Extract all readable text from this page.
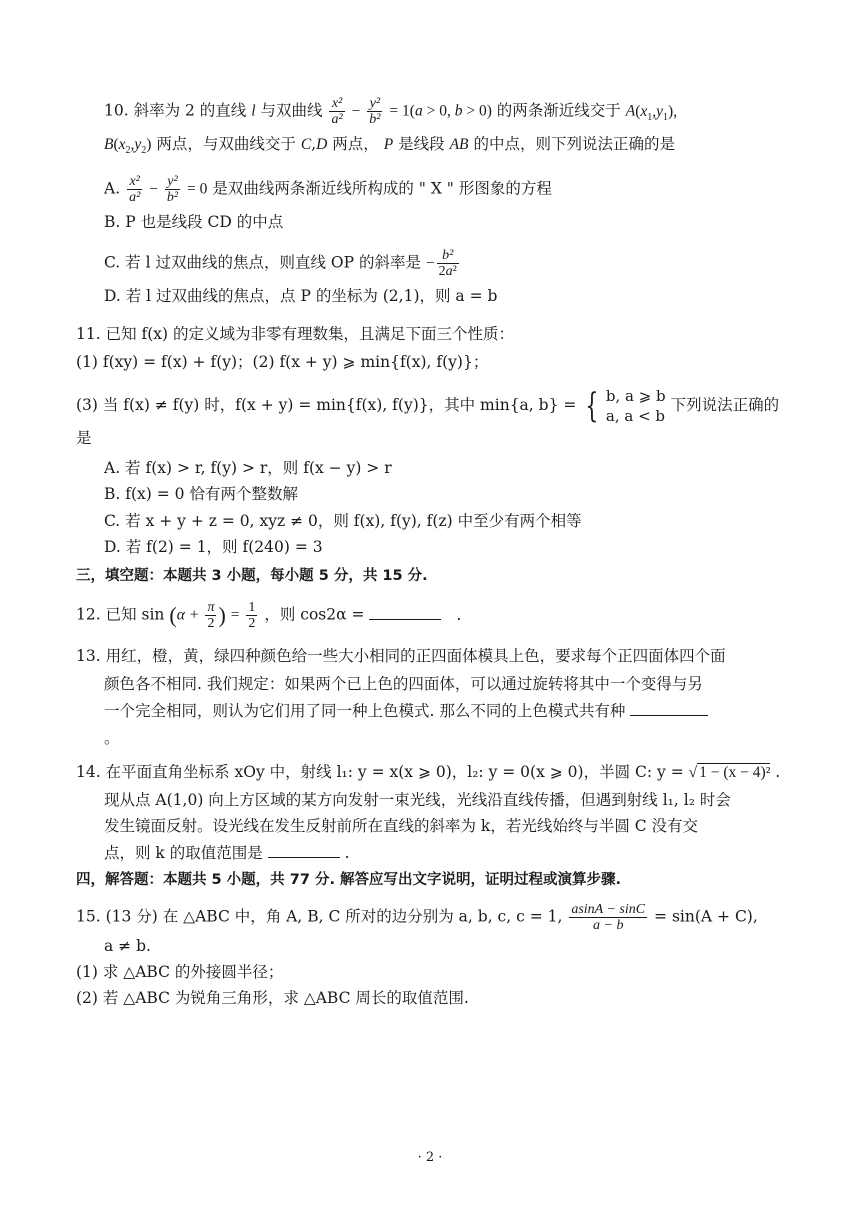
10. 斜率为 2 的直线 l 与双曲线 $\frac{\text{x²}}{\text{a²}} - \frac{\text{y²}}{\text{b²}} = 1(a > 0$, b > 0) 的两条渐近线交于 $A(x_1,y_1)$,
$B(x_2,y_2)$ 两点，与双曲线交于 C,D 两点， P 是线段 AB 的中点，则下列说法正确的是
A. $\frac{\text{x²}}{\text{a²}} - \frac{\text{y²}}{\text{b²}} = 0$ 是双曲线两条渐近线所构成的 " X " 形图象的方程
B. P 也是线段 CD 的中点
C. 若 l 过双曲线的焦点，则直线 OP 的斜率是 − $\frac{\text{b²}}{\text{2a²}}$
D. 若 l 过双曲线的焦点，点 P 的坐标为 (2,1)，则 a = b
11. 已知 f(x) 的定义域为非零有理数集，且满足下面三个性质：
(1) f(xy) = f(x) + f(y)；(2) f(x + y) ⩾ min{f(x), f(y)}；
(3) 当 f(x) ≠ f(y) 时，f(x + y) = min{f(x), f(y)}，其中 min{a, b} = { b, a ⩾ b
a, a < b
下列说法正确的
是
A. 若 f(x) > r, f(y) > r，则 f(x − y) > r
B. f(x) = 0 恰有两个整数解
C. 若 x + y + z = 0, xyz ≠ 0，则 f(x), f(y), f(z) 中至少有两个相等
D. 若 f(2) = 1，则 f(240) = 3
三，填空题：本题共 3 小题，每小题 5 分，共 15 分.
12. 已知 $\sin (\alpha + \frac{\pi}{2}$ ) = $\frac{1}{2}$ ，则 cos2α =	.
13. 用红，橙，黄，绿四种颜色给一些大小相同的正四面体模具上色，要求每个正四面体四个面
颜色各不相同. 我们规定：如果两个已上色的四面体，可以通过旋转将其中一个变得与另
一个完全相同，则认为它们用了同一种上色模式. 那么不同的上色模式共有种
。
14. 在平面直角坐标系 xOy 中，射线 l₁: y = x(x ⩾ 0)，l₂: y = 0(x ⩾ 0)，半圆 C: y = √ 1 − (x − 4)² .
现从点 A(1,0) 向上方区域的某方向发射一束光线，光线沿直线传播，但遇到射线 l₁, l₂ 时会
发生镜面反射。设光线在发生反射前所在直线的斜率为 k，若光线始终与半圆 C 没有交
点，则 k 的取值范围是	.
四，解答题：本题共 5 小题，共 77 分. 解答应写出文字说明，证明过程或演算步骤.
15. (13 分) 在 △ABC 中，角 A, B, C 所对的边分别为 a, b, c, c = 1, $\frac{asinA - \sin C}{a - b} = \sin(A + C)$,
a ≠ b.
(1) 求 △ABC 的外接圆半径；
(2) 若 △ABC 为锐角三角形，求 △ABC 周长的取值范围.
· 2 ·
